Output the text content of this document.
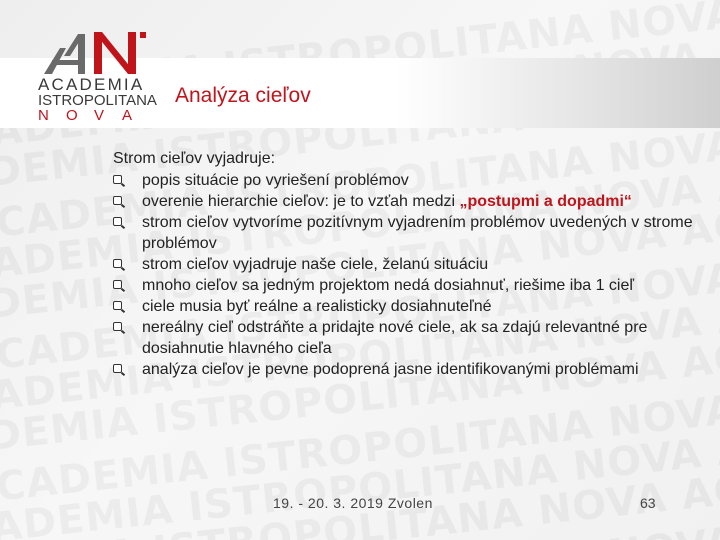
ACADEMIA
ISTROPOLITANA
N O V A
Analýza cieľov
Strom cieľov vyjadruje:
popis situácie po vyriešení problémov
overenie hierarchie cieľov: je to vzťah medzi „postupmi a dopadmi“
strom cieľov vytvoríme pozitívnym vyjadrením problémov uvedených v strome problémov
strom cieľov vyjadruje naše ciele, želanú situáciu
mnoho cieľov sa jedným projektom nedá dosiahnuť, riešime iba 1 cieľ
ciele musia byť reálne a realisticky dosiahnuteľné
nereálny cieľ odstráňte a pridajte nové ciele, ak sa zdajú relevantné pre dosiahnutie hlavného cieľa
analýza cieľov je pevne podoprená jasne identifikovanými problémami
19. - 20. 3. 2019 Zvolen	63
